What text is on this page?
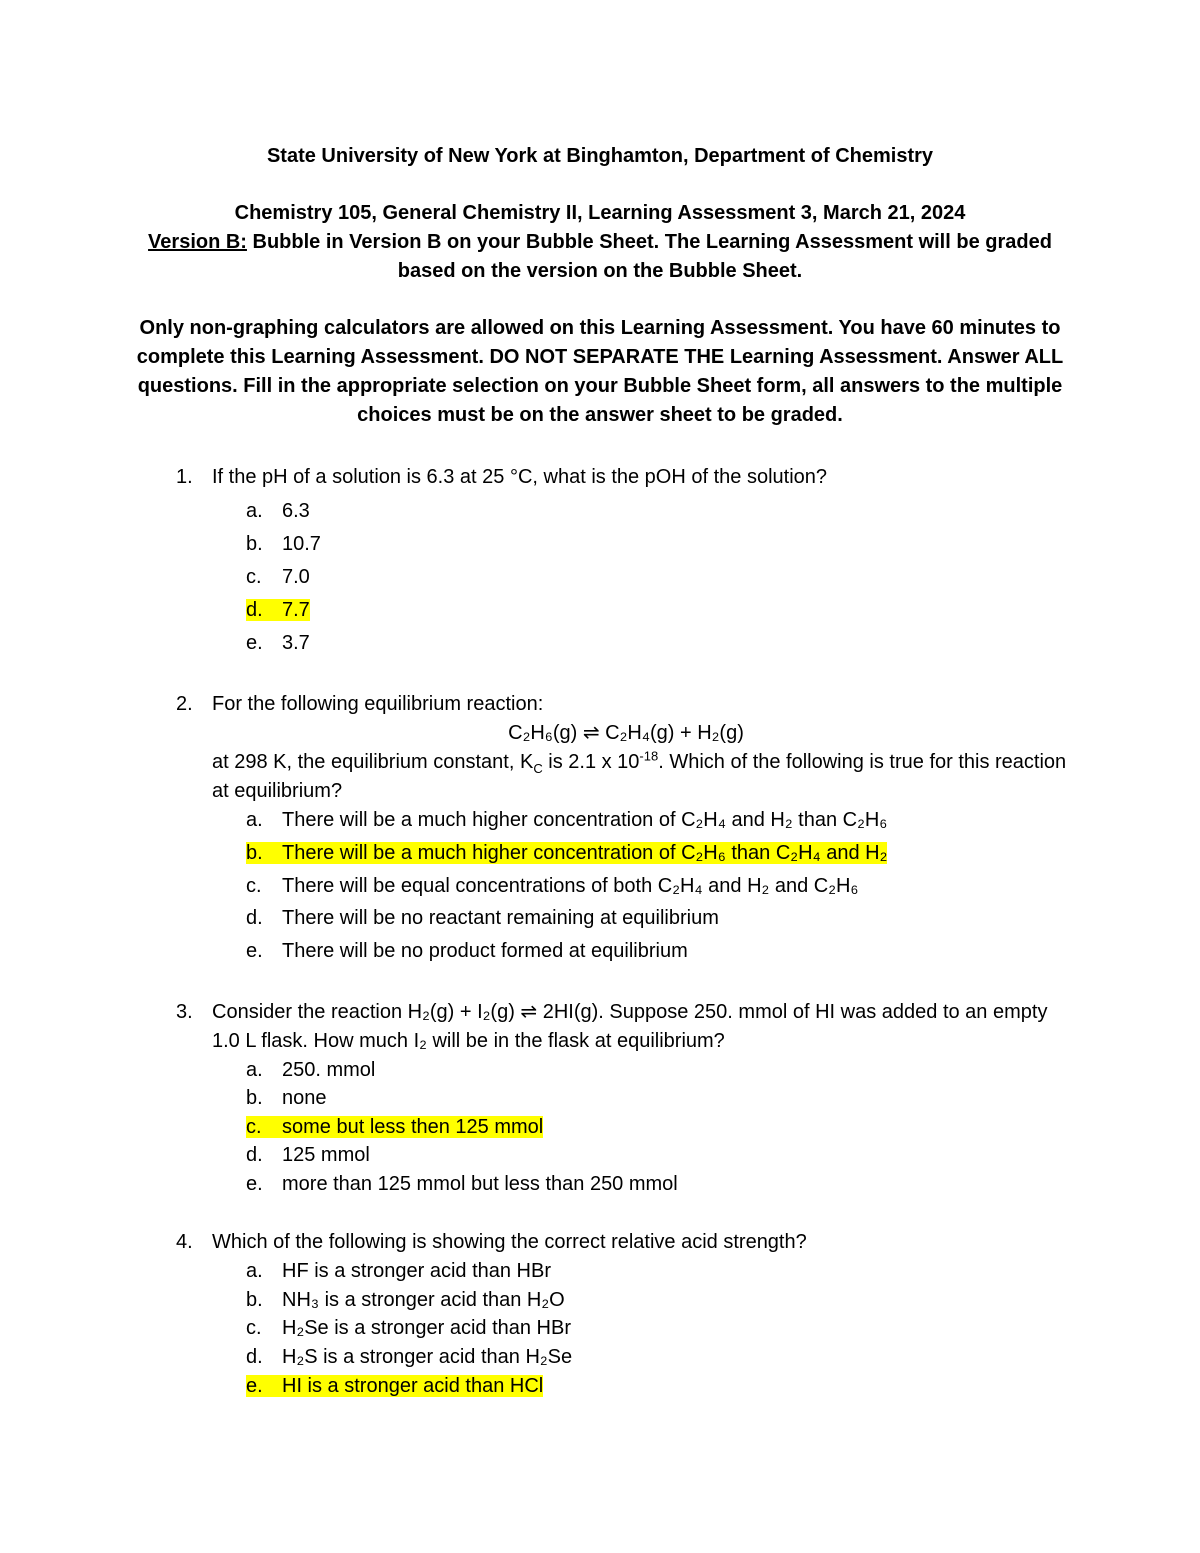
State University of New York at Binghamton, Department of Chemistry
Chemistry 105, General Chemistry II, Learning Assessment 3, March 21, 2024
Version B: Bubble in Version B on your Bubble Sheet. The Learning Assessment will be graded based on the version on the Bubble Sheet.
Only non-graphing calculators are allowed on this Learning Assessment. You have 60 minutes to complete this Learning Assessment. DO NOT SEPARATE THE Learning Assessment. Answer ALL questions. Fill in the appropriate selection on your Bubble Sheet form, all answers to the multiple choices must be on the answer sheet to be graded.
1. If the pH of a solution is 6.3 at 25 °C, what is the pOH of the solution?
a. 6.3
b. 10.7
c. 7.0
d. 7.7
e. 3.7
2. For the following equilibrium reaction:
C₂H₆(g) ⇌ C₂H₄(g) + H₂(g)
at 298 K, the equilibrium constant, $K_C$ is 2.1 x $10^{-18}$. Which of the following is true for this reaction at equilibrium?
a. There will be a much higher concentration of C₂H₄ and H₂ than C₂H₆
b. There will be a much higher concentration of C₂H₆ than C₂H₄ and H₂
c. There will be equal concentrations of both C₂H₄ and H₂ and C₂H₆
d. There will be no reactant remaining at equilibrium
e. There will be no product formed at equilibrium
3. Consider the reaction H₂(g) + I₂(g) ⇌ 2HI(g). Suppose 250. mmol of HI was added to an empty 1.0 L flask. How much I₂ will be in the flask at equilibrium?
a. 250. mmol
b. none
c. some but less then 125 mmol
d. 125 mmol
e. more than 125 mmol but less than 250 mmol
4. Which of the following is showing the correct relative acid strength?
a. HF is a stronger acid than HBr
b. NH₃ is a stronger acid than H₂O
c. H₂Se is a stronger acid than HBr
d. H₂S is a stronger acid than H₂Se
e. HI is a stronger acid than HCl
